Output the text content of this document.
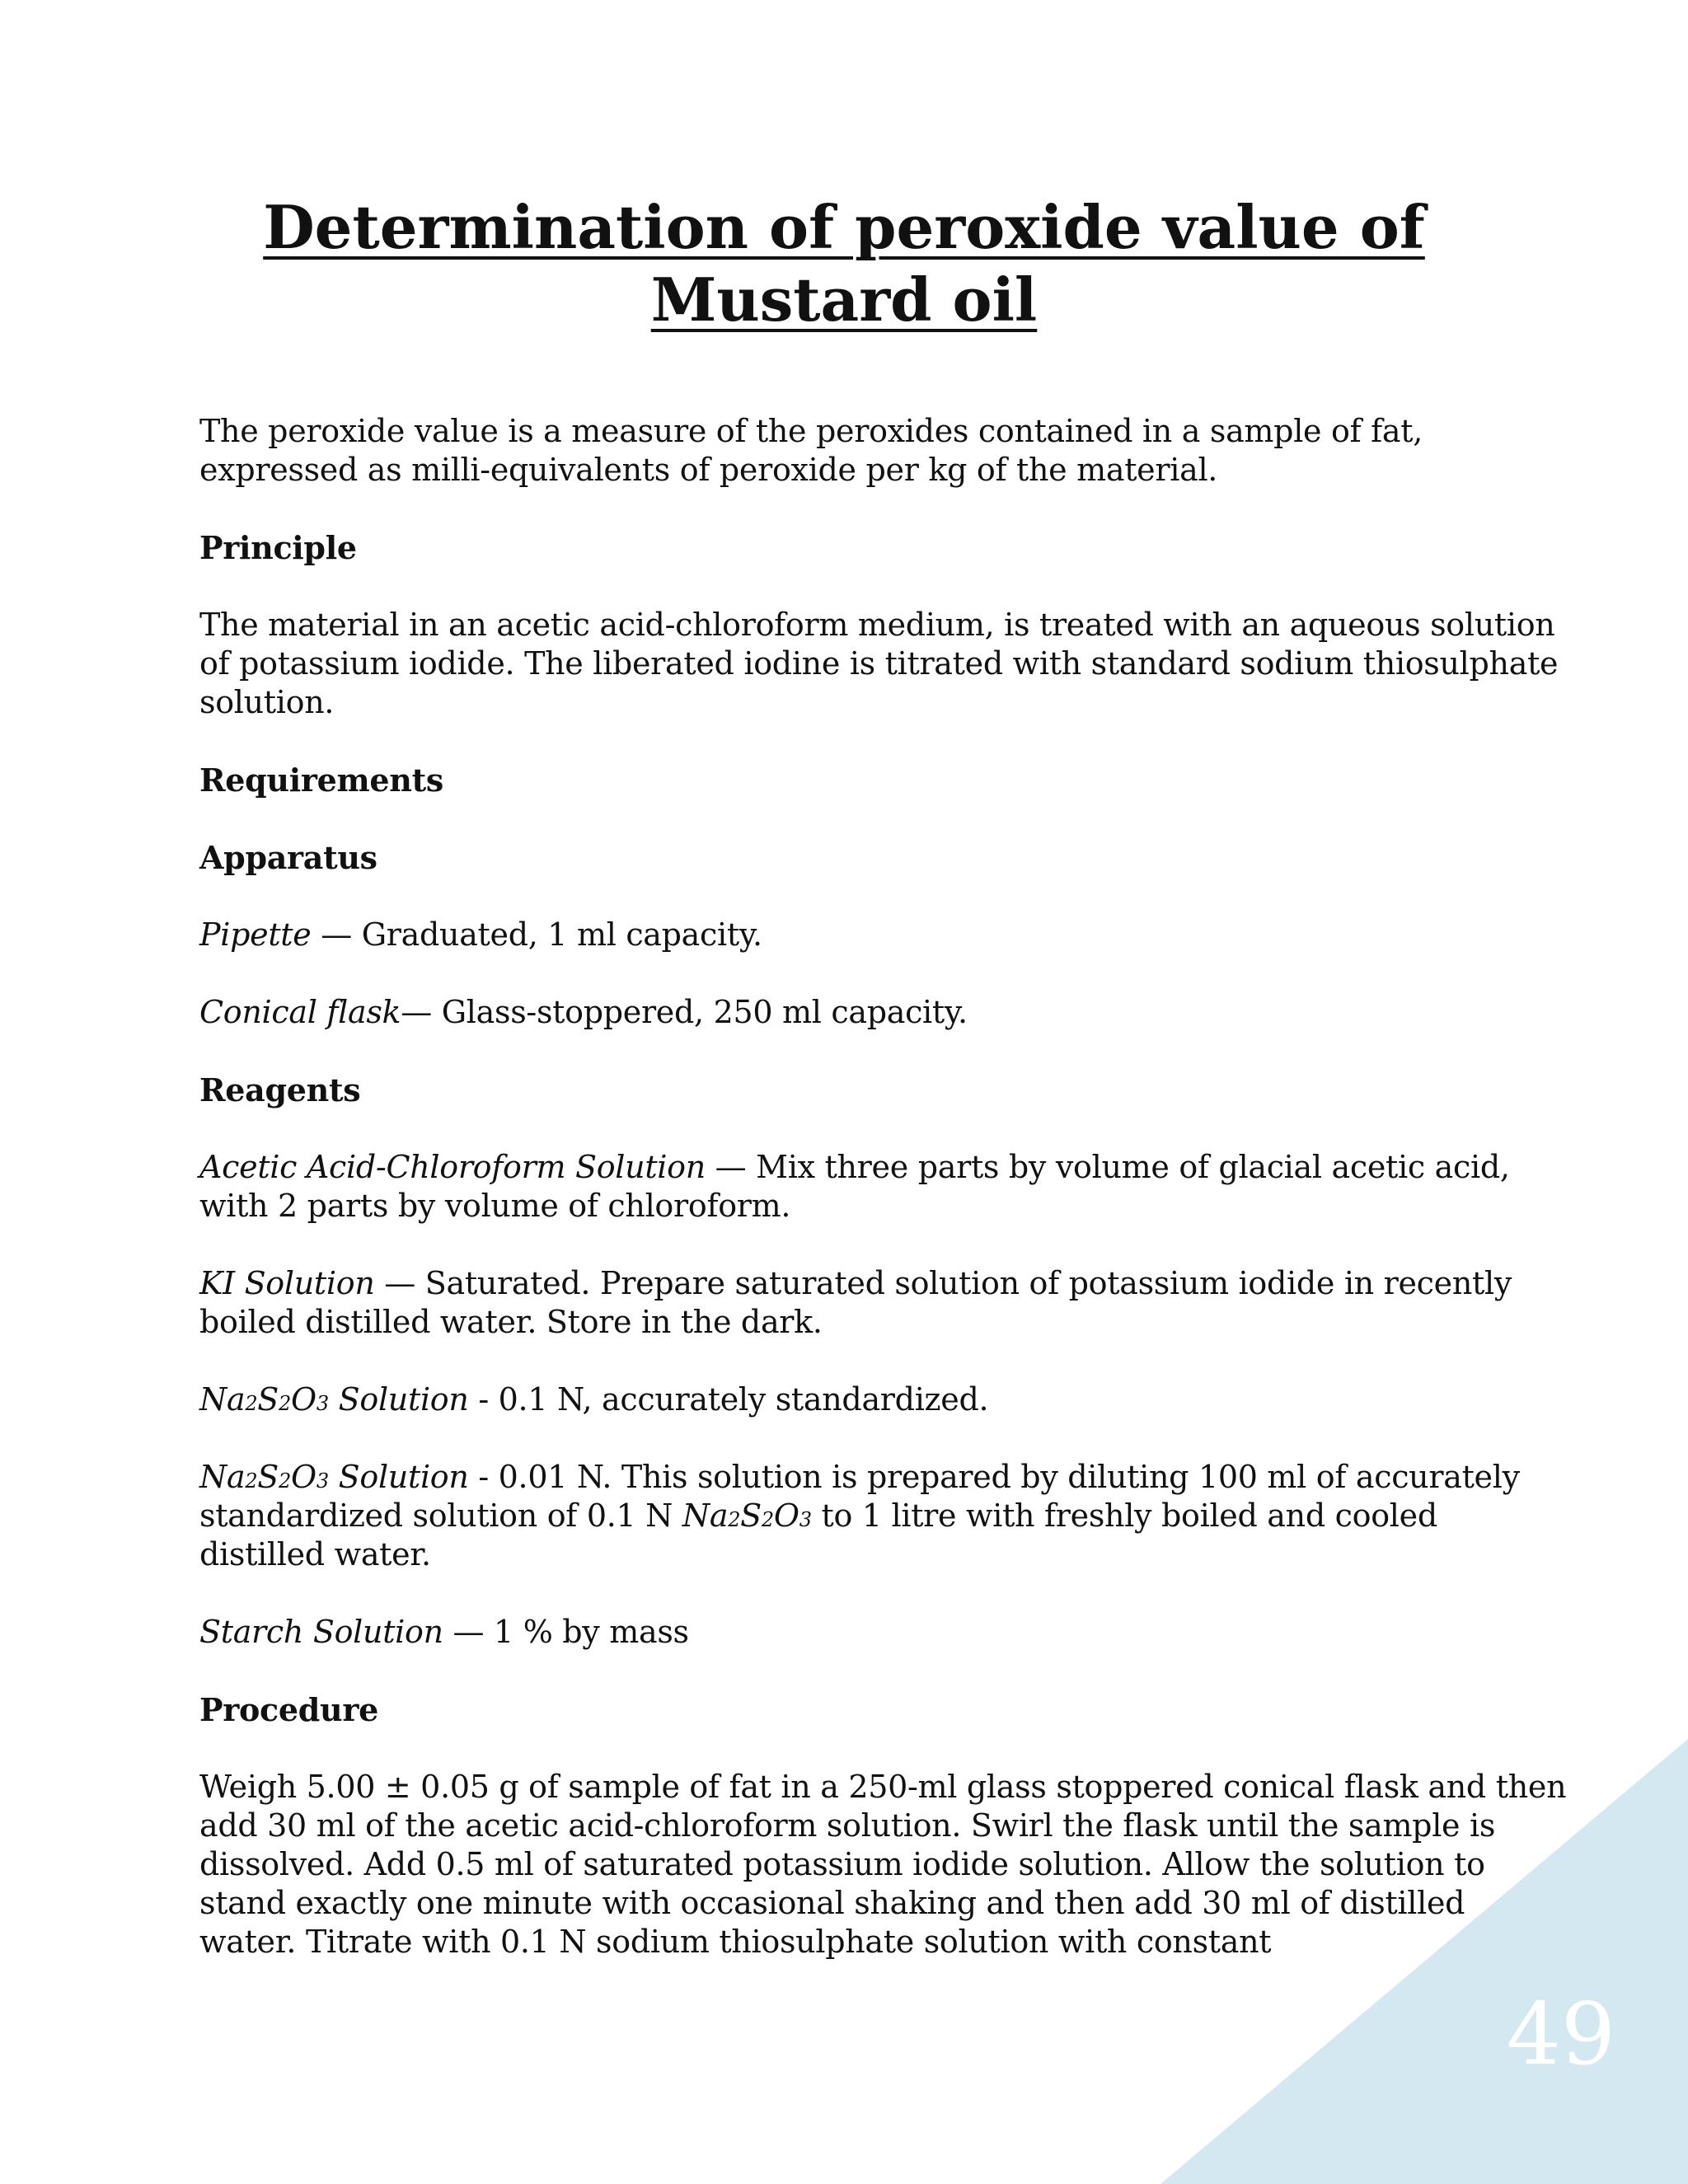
Determination of peroxide value of
Mustard oil

The peroxide value is a measure of the peroxides contained in a sample of fat, expressed as milli-equivalents of peroxide per kg of the material.

Principle

The material in an acetic acid-chloroform medium, is treated with an aqueous solution of potassium iodide. The liberated iodine is titrated with standard sodium thiosulphate solution.

Requirements
Apparatus

Pipette — Graduated, 1 ml capacity.

Conical flask— Glass-stoppered, 250 ml capacity.

Reagents

Acetic Acid-Chloroform Solution — Mix three parts by volume of glacial acetic acid, with 2 parts by volume of chloroform.

KI Solution — Saturated. Prepare saturated solution of potassium iodide in recently boiled distilled water. Store in the dark.

Na2S2O3 Solution - 0.1 N, accurately standardized.

Na2S2O3 Solution - 0.01 N. This solution is prepared by diluting 100 ml of accurately standardized solution of 0.1 N Na2S2O3 to 1 litre with freshly boiled and cooled distilled water.

Starch Solution — 1 % by mass

Procedure

Weigh 5.00 ± 0.05 g of sample of fat in a 250-ml glass stoppered conical flask and then add 30 ml of the acetic acid-chloroform solution. Swirl the flask until the sample is dissolved. Add 0.5 ml of saturated potassium iodide solution. Allow the solution to stand exactly one minute with occasional shaking and then add 30 ml of distilled water. Titrate with 0.1 N sodium thiosulphate solution with constant

49
